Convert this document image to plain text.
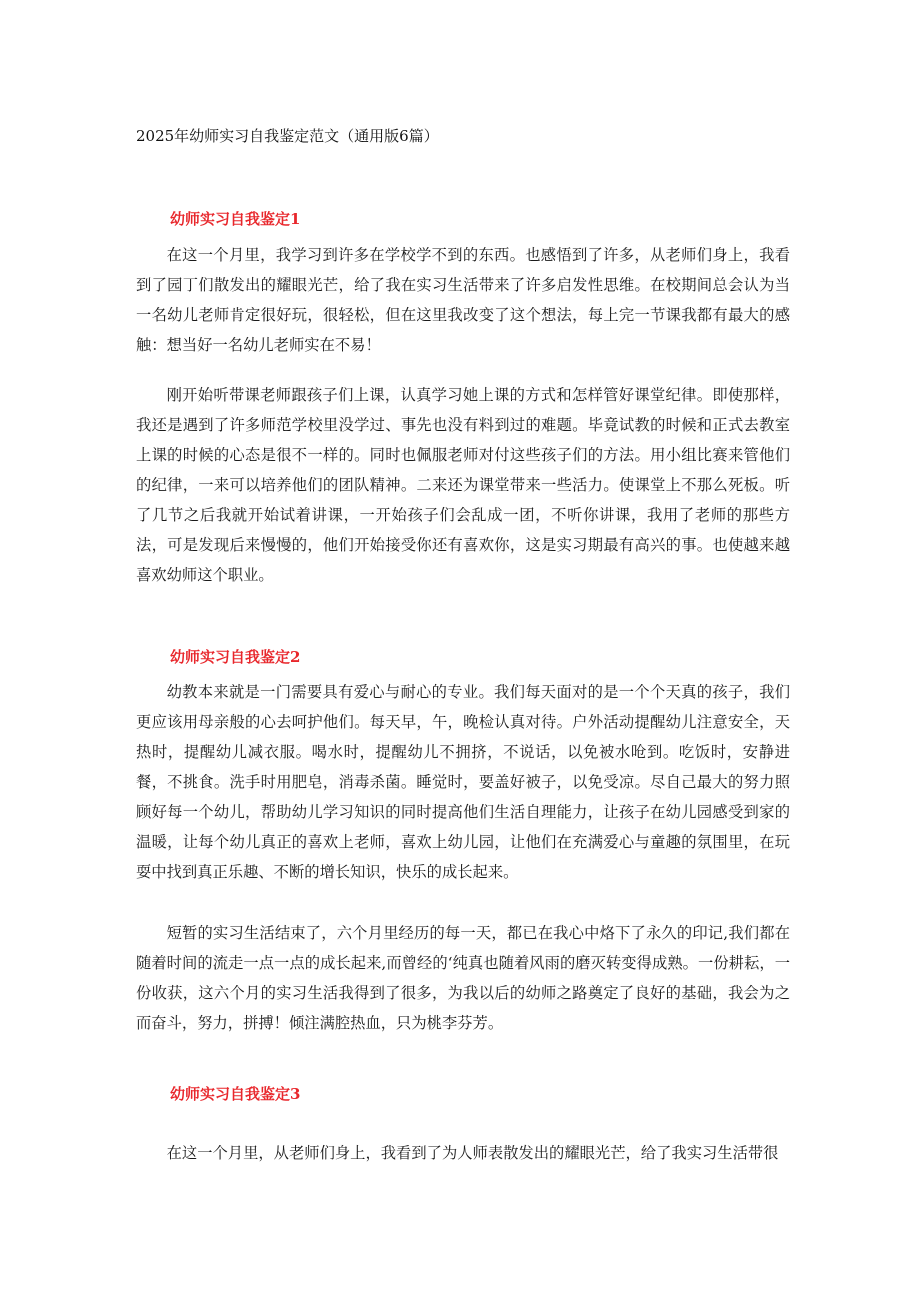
2025年幼师实习自我鉴定范文（通用版6篇）
幼师实习自我鉴定1

在这一个月里，我学习到许多在学校学不到的东西。也感悟到了许多，从老师们身上，我看到了园丁们散发出的耀眼光芒，给了我在实习生活带来了许多启发性思维。在校期间总会认为当一名幼儿老师肯定很好玩，很轻松，但在这里我改变了这个想法，每上完一节课我都有最大的感触：想当好一名幼儿老师实在不易！

刚开始听带课老师跟孩子们上课，认真学习她上课的方式和怎样管好课堂纪律。即使那样，我还是遇到了许多师范学校里没学过、事先也没有料到过的难题。毕竟试教的时候和正式去教室上课的时候的心态是很不一样的。同时也佩服老师对付这些孩子们的方法。用小组比赛来管他们的纪律，一来可以培养他们的团队精神。二来还为课堂带来一些活力。使课堂上不那么死板。听了几节之后我就开始试着讲课，一开始孩子们会乱成一团，不听你讲课，我用了老师的那些方法，可是发现后来慢慢的，他们开始接受你还有喜欢你，这是实习期最有高兴的事。也使越来越喜欢幼师这个职业。

幼师实习自我鉴定2

幼教本来就是一门需要具有爱心与耐心的专业。我们每天面对的是一个个天真的孩子，我们更应该用母亲般的心去呵护他们。每天早，午，晚检认真对待。户外活动提醒幼儿注意安全，天热时，提醒幼儿减衣服。喝水时，提醒幼儿不拥挤，不说话，以免被水呛到。吃饭时，安静进餐，不挑食。洗手时用肥皂，消毒杀菌。睡觉时，要盖好被子，以免受凉。尽自己最大的努力照顾好每一个幼儿，帮助幼儿学习知识的同时提高他们生活自理能力，让孩子在幼儿园感受到家的温暖，让每个幼儿真正的喜欢上老师，喜欢上幼儿园，让他们在充满爱心与童趣的氛围里，在玩耍中找到真正乐趣、不断的增长知识，快乐的成长起来。

短暂的实习生活结束了，六个月里经历的每一天，都已在我心中烙下了永久的印记,我们都在随着时间的流走一点一点的成长起来,而曾经的‘纯真也随着风雨的磨灭转变得成熟。一份耕耘，一份收获，这六个月的实习生活我得到了很多，为我以后的幼师之路奠定了良好的基础，我会为之而奋斗，努力，拼搏！倾注满腔热血，只为桃李芬芳。

幼师实习自我鉴定3

在这一个月里，从老师们身上，我看到了为人师表散发出的耀眼光芒，给了我实习生活带很
